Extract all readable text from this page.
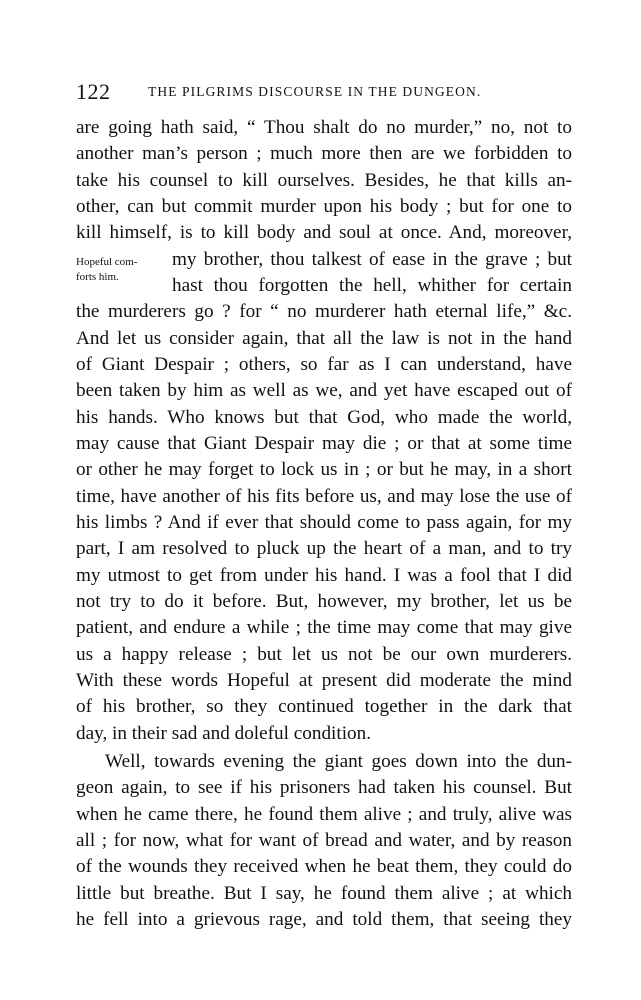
122	THE PILGRIMS DISCOURSE IN THE DUNGEON.
Hopeful com-
forts him.
are going hath said, “ Thou shalt do no murder,” no, not to
another man’s person ; much more then are we forbidden to
take his counsel to kill ourselves. Besides, he that kills an-
other, can but commit murder upon his body ; but for one to
kill himself, is to kill body and soul at once. And, moreover,
my brother, thou talkest of ease in the grave ; but
hast thou forgotten the hell, whither for certain
the murderers go ? for “ no murderer hath eternal life,” &c.
And let us consider again, that all the law is not in the hand
of Giant Despair ; others, so far as I can understand, have
been taken by him as well as we, and yet have escaped out of
his hands. Who knows but that God, who made the world,
may cause that Giant Despair may die ; or that at some time
or other he may forget to lock us in ; or but he may, in a short
time, have another of his fits before us, and may lose the use of
his limbs ? And if ever that should come to pass again, for my
part, I am resolved to pluck up the heart of a man, and to try
my utmost to get from under his hand. I was a fool that I did
not try to do it before. But, however, my brother, let us be
patient, and endure a while ; the time may come that may give
us a happy release ; but let us not be our own murderers.
With these words Hopeful at present did moderate the mind
of his brother, so they continued together in the dark that
day, in their sad and doleful condition.
Well, towards evening the giant goes down into the dun-
geon again, to see if his prisoners had taken his counsel. But
when he came there, he found them alive ; and truly, alive was
all ; for now, what for want of bread and water, and by reason
of the wounds they received when he beat them, they could do
little but breathe. But I say, he found them alive ; at which
he fell into a grievous rage, and told them, that seeing they
